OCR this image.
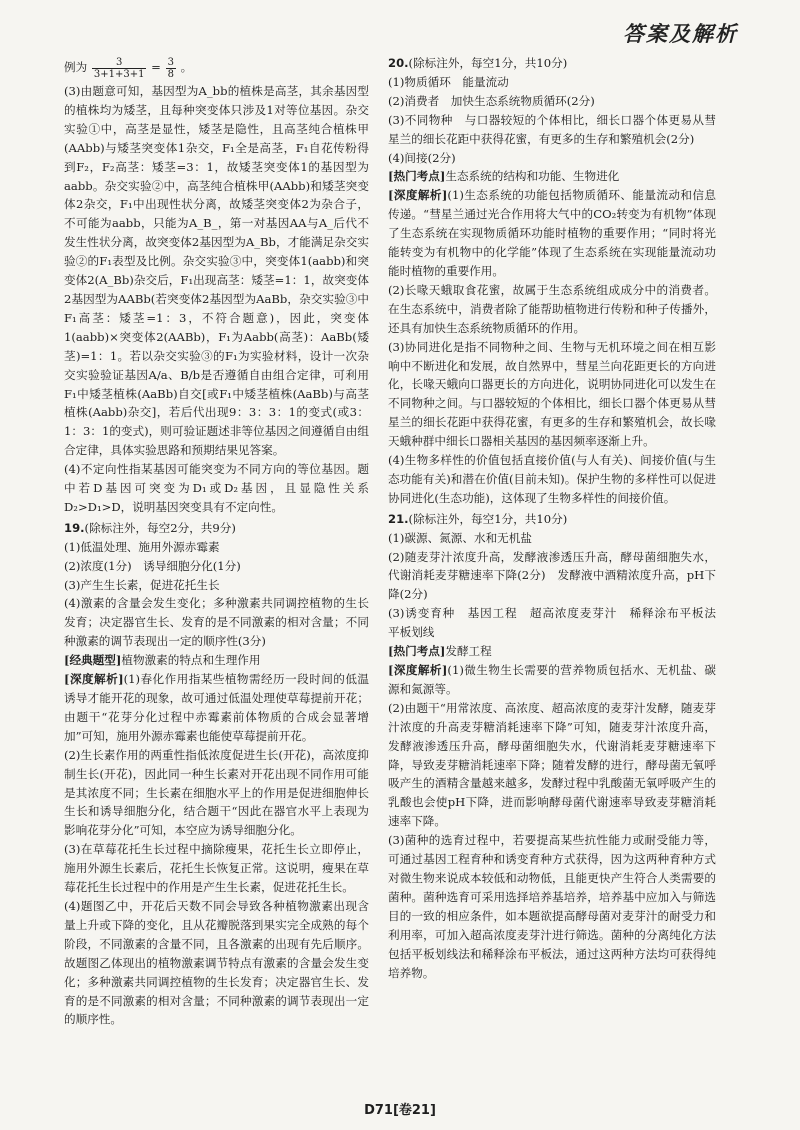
答案及解析
例为 $\frac{3}{3+1+3+1} = \frac{3}{8}$ 。

(3)由题意可知，基因型为A_bb的植株是高茎，其余基因型的植株均为矮茎，且每种突变体只涉及1对等位基因。杂交实验①中，高茎是显性，矮茎是隐性，且高茎纯合植株甲(AAbb)与矮茎突变体1杂交，F₁全是高茎，F₁自花传粉得到F₂，F₂高茎：矮茎=3：1，故矮茎突变体1的基因型为aabb。杂交实验②中，高茎纯合植株甲(AAbb)和矮茎突变体2杂交，F₁中出现性状分离，故矮茎突变体2为杂合子，不可能为aabb，只能为A_B_，第一对基因AA与A_后代不发生性状分离，故突变体2基因型为A_Bb，才能满足杂交实验②的F₁表型及比例。杂交实验③中，突变体1(aabb)和突变体2(A_Bb)杂交后，F₁出现高茎：矮茎=1：1，故突变体2基因型为AABb(若突变体2基因型为AaBb，杂交实验③中F₁高茎：矮茎=1：3，不符合题意)，因此，突变体1(aabb)×突变体2(AABb)，F₁为Aabb(高茎)：AaBb(矮茎)=1：1。若以杂交实验③的F₁为实验材料，设计一次杂交实验验证基因A/a、B/b是否遵循自由组合定律，可利用F₁中矮茎植株(AaBb)自交[或F₁中矮茎植株(AaBb)与高茎植株(Aabb)杂交]，若后代出现9：3：3：1的变式(或3：1：3：1的变式)，则可验证题述非等位基因之间遵循自由组合定律，具体实验思路和预期结果见答案。

(4)不定向性指某基因可能突变为不同方向的等位基因。题中若D基因可突变为D₁或D₂基因，且显隐性关系D₂>D₁>D，说明基因突变具有不定向性。

19.(除标注外，每空2分，共9分)

(1)低温处理、施用外源赤霉素

(2)浓度(1分)　诱导细胞分化(1分)

(3)产生生长素，促进花托生长

(4)激素的含量会发生变化；多种激素共同调控植物的生长发育；决定器官生长、发育的是不同激素的相对含量；不同种激素的调节表现出一定的顺序性(3分)

[经典题型]植物激素的特点和生理作用

[深度解析](1)春化作用指某些植物需经历一段时间的低温诱导才能开花的现象，故可通过低温处理使草莓提前开花；由题干“花芽分化过程中赤霉素前体物质的合成会显著增加”可知，施用外源赤霉素也能使草莓提前开花。

(2)生长素作用的两重性指低浓度促进生长(开花)，高浓度抑制生长(开花)，因此同一种生长素对开花出现不同作用可能是其浓度不同；生长素在细胞水平上的作用是促进细胞伸长生长和诱导细胞分化，结合题干“因此在器官水平上表现为影响花芽分化”可知，本空应为诱导细胞分化。

(3)在草莓花托生长过程中摘除瘦果，花托生长立即停止，施用外源生长素后，花托生长恢复正常。这说明，瘦果在草莓花托生长过程中的作用是产生生长素，促进花托生长。

(4)题图乙中，开花后天数不同会导致各种植物激素出现含量上升或下降的变化，且从花瓣脱落到果实完全成熟的每个阶段，不同激素的含量不同，且各激素的出现有先后顺序。故题图乙体现出的植物激素调节特点有激素的含量会发生变化；多种激素共同调控植物的生长发育；决定器官生长、发育的是不同激素的相对含量；不同种激素的调节表现出一定的顺序性。

20.(除标注外，每空1分，共10分)

(1)物质循环　能量流动

(2)消费者　加快生态系统物质循环(2分)

(3)不同物种　与口器较短的个体相比，细长口器个体更易从彗星兰的细长花距中获得花蜜，有更多的生存和繁殖机会(2分)

(4)间接(2分)

[热门考点]生态系统的结构和功能、生物进化

[深度解析](1)生态系统的功能包括物质循环、能量流动和信息传递。“彗星兰通过光合作用将大气中的CO₂转变为有机物”体现了生态系统在实现物质循环功能时植物的重要作用；“同时将光能转变为有机物中的化学能”体现了生态系统在实现能量流动功能时植物的重要作用。

(2)长喙天蛾取食花蜜，故属于生态系统组成成分中的消费者。在生态系统中，消费者除了能帮助植物进行传粉和种子传播外，还具有加快生态系统物质循环的作用。

(3)协同进化是指不同物种之间、生物与无机环境之间在相互影响中不断进化和发展，故自然界中，彗星兰向花距更长的方向进化，长喙天蛾向口器更长的方向进化，说明协同进化可以发生在不同物种之间。与口器较短的个体相比，细长口器个体更易从彗星兰的细长花距中获得花蜜，有更多的生存和繁殖机会，故长喙天蛾种群中细长口器相关基因的基因频率逐渐上升。

(4)生物多样性的价值包括直接价值(与人有关)、间接价值(与生态功能有关)和潜在价值(目前未知)。保护生物的多样性可以促进协同进化(生态功能)，这体现了生物多样性的间接价值。

21.(除标注外，每空1分，共10分)

(1)碳源、氮源、水和无机盐

(2)随麦芽汁浓度升高，发酵液渗透压升高，酵母菌细胞失水，代谢消耗麦芽糖速率下降(2分)　发酵液中酒精浓度升高，pH下降(2分)

(3)诱变育种　基因工程　超高浓度麦芽汁　稀释涂布平板法　平板划线

[热门考点]发酵工程

[深度解析](1)微生物生长需要的营养物质包括水、无机盐、碳源和氮源等。

(2)由题干“用常浓度、高浓度、超高浓度的麦芽汁发酵，随麦芽汁浓度的升高麦芽糖消耗速率下降”可知，随麦芽汁浓度升高，发酵液渗透压升高，酵母菌细胞失水，代谢消耗麦芽糖速率下降，导致麦芽糖消耗速率下降；随着发酵的进行，酵母菌无氧呼吸产生的酒精含量越来越多，发酵过程中乳酸菌无氧呼吸产生的乳酸也会使pH下降，进而影响酵母菌代谢速率导致麦芽糖消耗速率下降。

(3)菌种的选育过程中，若要提高某些抗性能力或耐受能力等，可通过基因工程育种和诱变育种方式获得，因为这两种育种方式对微生物来说成本较低和动物低，且能更快产生符合人类需要的菌种。菌种选育可采用选择培养基培养，培养基中应加入与筛选目的一致的相应条件，如本题欲提高酵母菌对麦芽汁的耐受力和利用率，可加入超高浓度麦芽汁进行筛选。菌种的分离纯化方法包括平板划线法和稀释涂布平板法，通过这两种方法均可获得纯培养物。

D71[卷21]
